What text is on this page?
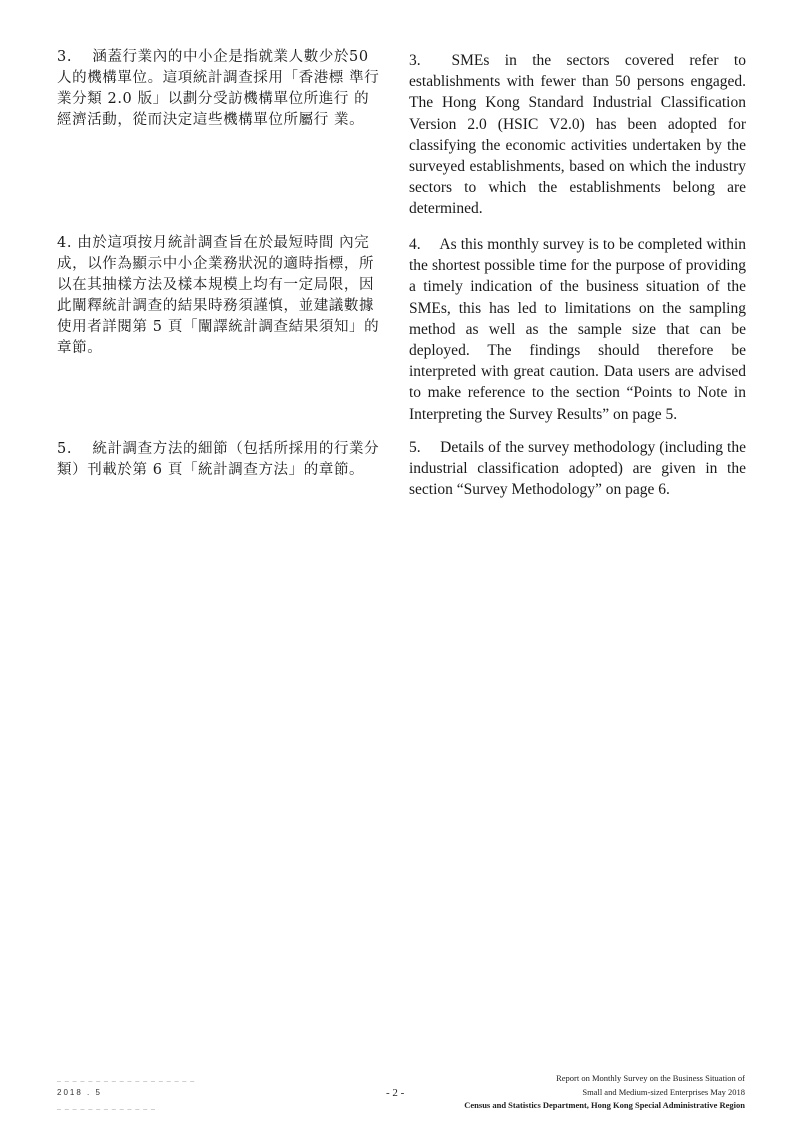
3.　 涵蓋行業內的中小企是指就業人數少於50人的機構單位。這項統計調查採用「香港標 準行業分類 2.0 版」以劃分受訪機構單位所進行 的經濟活動，從而決定這些機構單位所屬行 業。

3.  SMEs in the sectors covered refer to establishments with fewer than 50 persons engaged. The Hong Kong Standard Industrial Classification Version 2.0 (HSIC V2.0) has been adopted for classifying the economic activities undertaken by the surveyed establishments, based on which the industry sectors to which the establishments belong are determined.

4. 由於這項按月統計調查旨在於最短時間 內完成，以作為顯示中小企業務狀況的適時指標，所以在其抽樣方法及樣本規模上均有一定局限，因此闡釋統計調查的結果時務須謹慎，並建議數據使用者詳閱第 5 頁「闡譯統計調查結果須知」的章節。

4.  As this monthly survey is to be completed within the shortest possible time for the purpose of providing a timely indication of the business situation of the SMEs, this has led to limitations on the sampling method as well as the sample size that can be deployed. The findings should therefore be interpreted with great caution. Data users are advised to make reference to the section “Points to Note in Interpreting the Survey Results” on page 5.

5.　 統計調查方法的細節（包括所採用的行業分類）刊載於第 6 頁「統計調查方法」的章節。

5.  Details of the survey methodology (including the industrial classification adopted) are given in the section “Survey Methodology” on page 6.

_ _ _ _ _ _ _ _ _ _ _ _ _ _ _ _ _ _
2018 . 5
_ _ _ _ _ _ _ _ _ _ _ _ _
- 2 -
Report on Monthly Survey on the Business Situation of
Small and Medium-sized Enterprises May 2018
Census and Statistics Department, Hong Kong Special Administrative Region
